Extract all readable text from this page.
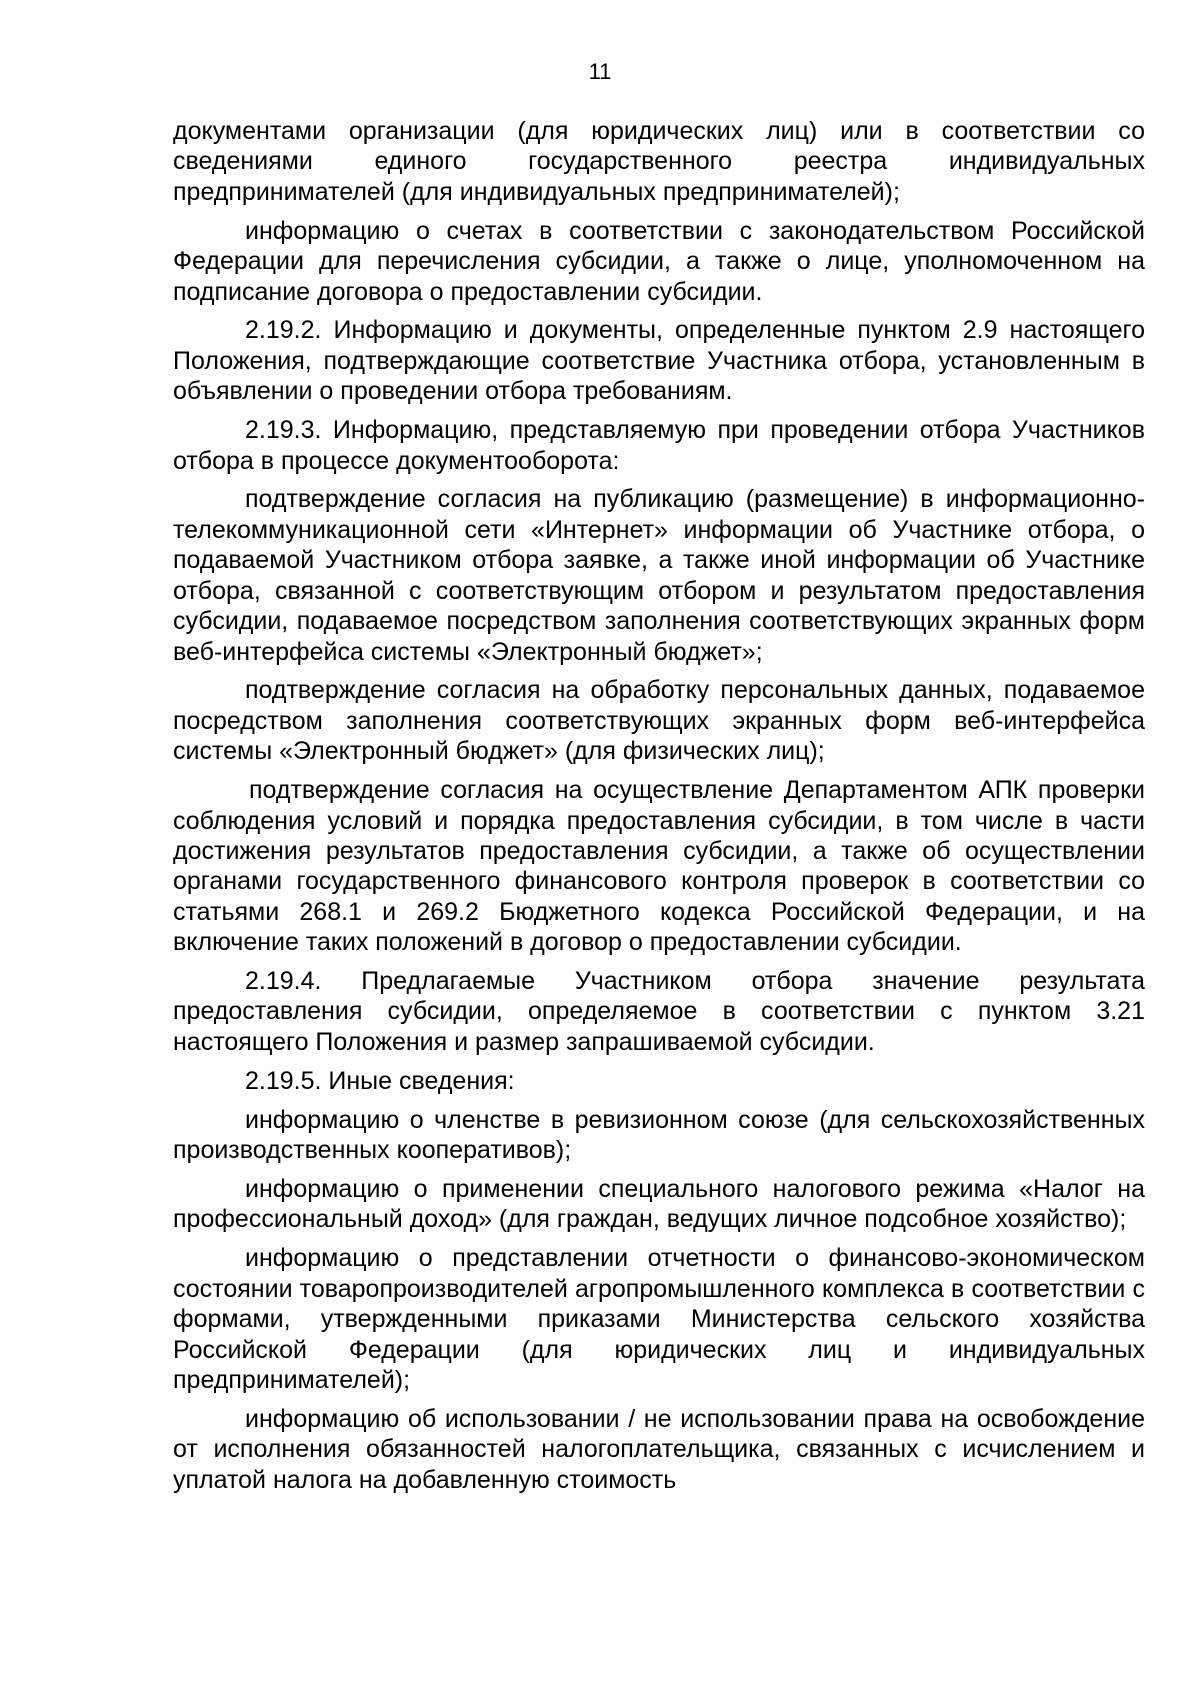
11

документами организации (для юридических лиц) или в соответствии со сведениями единого государственного реестра индивидуальных предпринимателей (для индивидуальных предпринимателей);

информацию о счетах в соответствии с законодательством Российской Федерации для перечисления субсидии, а также о лице, уполномоченном на подписание договора о предоставлении субсидии.

2.19.2. Информацию и документы, определенные пунктом 2.9 настоящего Положения, подтверждающие соответствие Участника отбора, установленным в объявлении о проведении отбора требованиям.

2.19.3. Информацию, представляемую при проведении отбора Участников отбора в процессе документооборота:

подтверждение согласия на публикацию (размещение) в информационно-телекоммуникационной сети «Интернет» информации об Участнике отбора, о подаваемой Участником отбора заявке, а также иной информации об Участнике отбора, связанной с соответствующим отбором и результатом предоставления субсидии, подаваемое посредством заполнения соответствующих экранных форм веб-интерфейса системы «Электронный бюджет»;

подтверждение согласия на обработку персональных данных, подаваемое посредством заполнения соответствующих экранных форм веб-интерфейса системы «Электронный бюджет» (для физических лиц);

подтверждение согласия на осуществление Департаментом АПК проверки соблюдения условий и порядка предоставления субсидии, в том числе в части достижения результатов предоставления субсидии, а также об осуществлении органами государственного финансового контроля проверок в соответствии со статьями 268.1 и 269.2 Бюджетного кодекса Российской Федерации, и на включение таких положений в договор о предоставлении субсидии.

2.19.4. Предлагаемые Участником отбора значение результата предоставления субсидии, определяемое в соответствии с пунктом 3.21 настоящего Положения и размер запрашиваемой субсидии.

2.19.5. Иные сведения:

информацию о членстве в ревизионном союзе (для сельскохозяйственных производственных кооперативов);

информацию о применении специального налогового режима «Налог на профессиональный доход» (для граждан, ведущих личное подсобное хозяйство);

информацию о представлении отчетности о финансово-экономическом состоянии товаропроизводителей агропромышленного комплекса в соответствии с формами, утвержденными приказами Министерства сельского хозяйства Российской Федерации (для юридических лиц и индивидуальных предпринимателей);

информацию об использовании / не использовании права на освобождение от исполнения обязанностей налогоплательщика, связанных с исчислением и уплатой налога на добавленную стоимость
